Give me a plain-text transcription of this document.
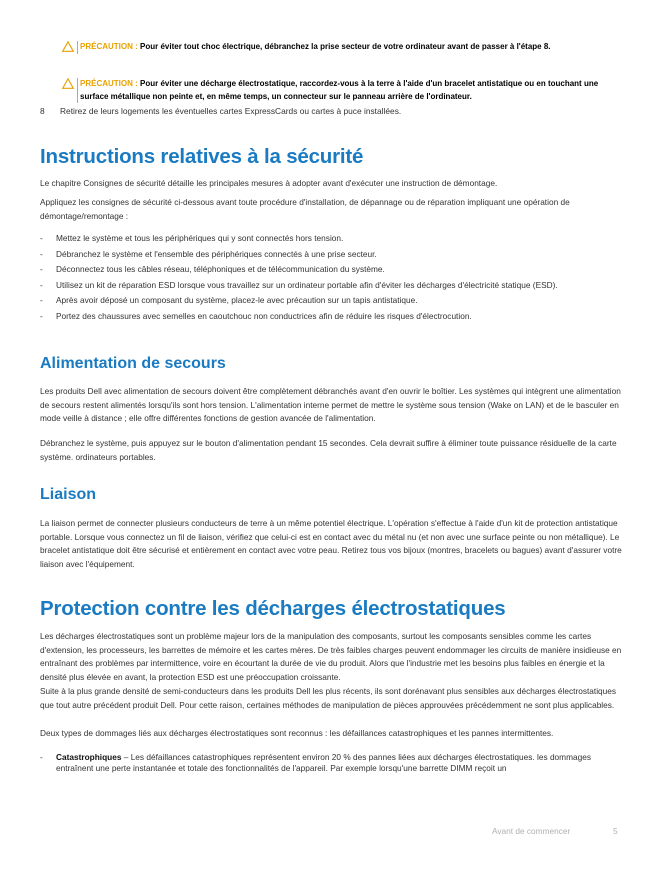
PRÉCAUTION : Pour éviter tout choc électrique, débranchez la prise secteur de votre ordinateur avant de passer à l'étape 8.
PRÉCAUTION : Pour éviter une décharge électrostatique, raccordez-vous à la terre à l'aide d'un bracelet antistatique ou en touchant une surface métallique non peinte et, en même temps, un connecteur sur le panneau arrière de l'ordinateur.
8 Retirez de leurs logements les éventuelles cartes ExpressCards ou cartes à puce installées.
Instructions relatives à la sécurité

Le chapitre Consignes de sécurité détaille les principales mesures à adopter avant d'exécuter une instruction de démontage.

Appliquez les consignes de sécurité ci-dessous avant toute procédure d'installation, de dépannage ou de réparation impliquant une opération de démontage/remontage :

- Mettez le système et tous les périphériques qui y sont connectés hors tension.
- Débranchez le système et l'ensemble des périphériques connectés à une prise secteur.
- Déconnectez tous les câbles réseau, téléphoniques et de télécommunication du système.
- Utilisez un kit de réparation ESD lorsque vous travaillez sur un ordinateur portable afin d'éviter les décharges d'électricité statique (ESD).
- Après avoir déposé un composant du système, placez-le avec précaution sur un tapis antistatique.
- Portez des chaussures avec semelles en caoutchouc non conductrices afin de réduire les risques d'électrocution.
Alimentation de secours

Les produits Dell avec alimentation de secours doivent être complètement débranchés avant d'en ouvrir le boîtier. Les systèmes qui intègrent une alimentation de secours restent alimentés lorsqu'ils sont hors tension. L'alimentation interne permet de mettre le système sous tension (Wake on LAN) et de le basculer en mode veille à distance ; elle offre différentes fonctions de gestion avancée de l'alimentation.

Débranchez le système, puis appuyez sur le bouton d'alimentation pendant 15 secondes. Cela devrait suffire à éliminer toute puissance résiduelle de la carte système. ordinateurs portables.

Liaison

La liaison permet de connecter plusieurs conducteurs de terre à un même potentiel électrique. L'opération s'effectue à l'aide d'un kit de protection antistatique portable. Lorsque vous connectez un fil de liaison, vérifiez que celui-ci est en contact avec du métal nu (et non avec une surface peinte ou non métallique). Le bracelet antistatique doit être sécurisé et entièrement en contact avec votre peau. Retirez tous vos bijoux (montres, bracelets ou bagues) avant d'assurer votre liaison avec l'équipement.

Protection contre les décharges électrostatiques

Les décharges électrostatiques sont un problème majeur lors de la manipulation des composants, surtout les composants sensibles comme les cartes d'extension, les processeurs, les barrettes de mémoire et les cartes mères. De très faibles charges peuvent endommager les circuits de manière insidieuse en entraînant des problèmes par intermittence, voire en écourtant la durée de vie du produit. Alors que l'industrie met les besoins plus faibles en énergie et la densité plus élevée en avant, la protection ESD est une préoccupation croissante.

Suite à la plus grande densité de semi-conducteurs dans les produits Dell les plus récents, ils sont dorénavant plus sensibles aux décharges électrostatiques que tout autre précédent produit Dell. Pour cette raison, certaines méthodes de manipulation de pièces approuvées précédemment ne sont plus applicables.

Deux types de dommages liés aux décharges électrostatiques sont reconnus : les défaillances catastrophiques et les pannes intermittentes.

- Catastrophiques – Les défaillances catastrophiques représentent environ 20 % des pannes liées aux décharges électrostatiques. les dommages entraînent une perte instantanée et totale des fonctionnalités de l'appareil. Par exemple lorsqu'une barrette DIMM reçoit un
Avant de commencer	5
